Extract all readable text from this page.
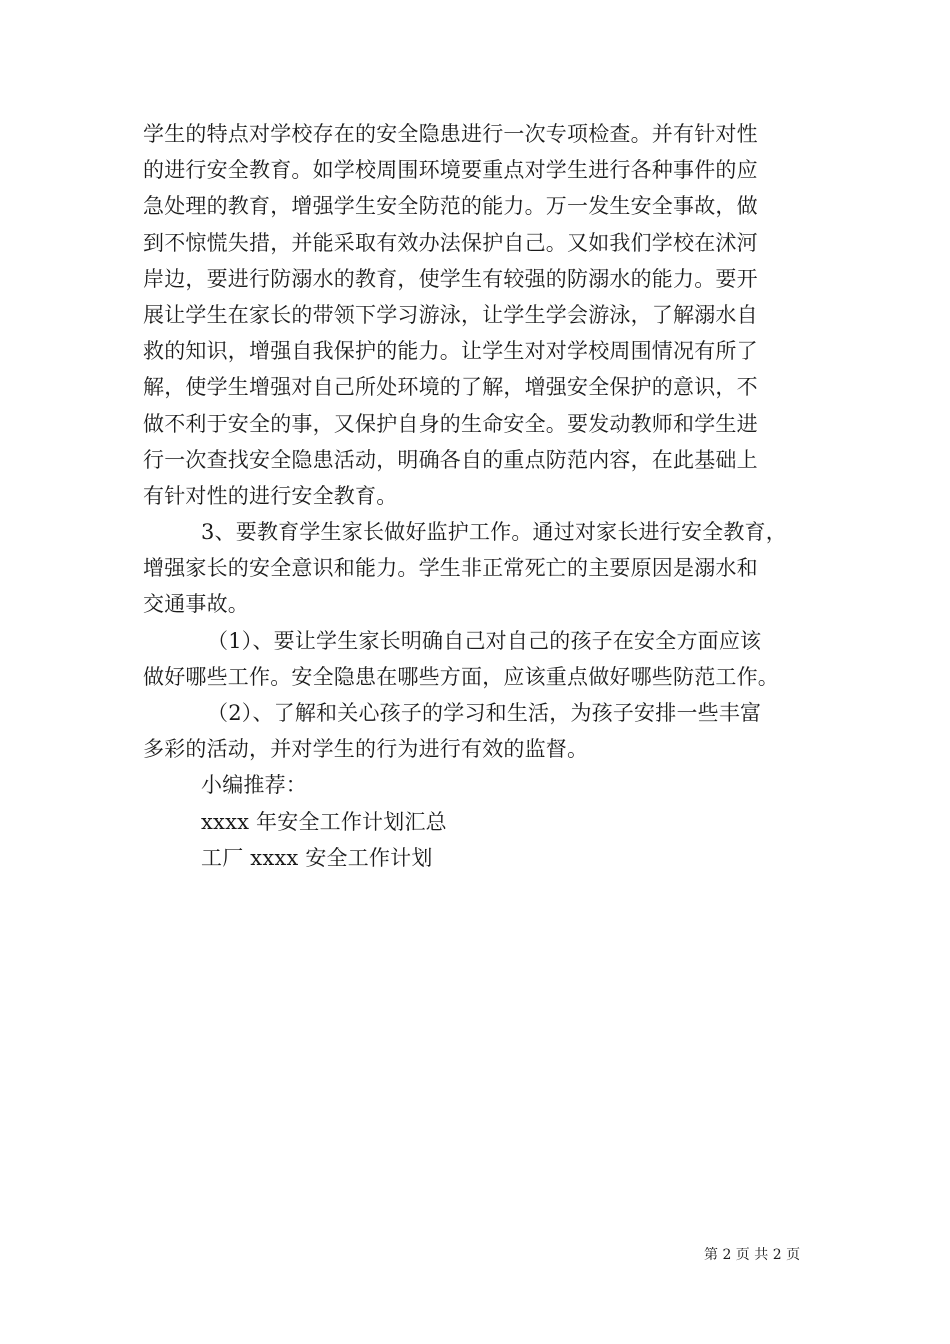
学生的特点对学校存在的安全隐患进行一次专项检查。并有针对性
的进行安全教育。如学校周围环境要重点对学生进行各种事件的应
急处理的教育，增强学生安全防范的能力。万一发生安全事故，做
到不惊慌失措，并能采取有效办法保护自己。又如我们学校在沭河
岸边，要进行防溺水的教育，使学生有较强的防溺水的能力。要开
展让学生在家长的带领下学习游泳，让学生学会游泳，了解溺水自
救的知识，增强自我保护的能力。让学生对对学校周围情况有所了
解，使学生增强对自己所处环境的了解，增强安全保护的意识，不
做不利于安全的事，又保护自身的生命安全。要发动教师和学生进
行一次查找安全隐患活动，明确各自的重点防范内容，在此基础上
有针对性的进行安全教育。
3、要教育学生家长做好监护工作。通过对家长进行安全教育，
增强家长的安全意识和能力。学生非正常死亡的主要原因是溺水和
交通事故。
（1）、要让学生家长明确自己对自己的孩子在安全方面应该
做好哪些工作。安全隐患在哪些方面，应该重点做好哪些防范工作。
（2）、了解和关心孩子的学习和生活，为孩子安排一些丰富
多彩的活动，并对学生的行为进行有效的监督。
小编推荐：
xxxx 年安全工作计划汇总
工厂 xxxx 安全工作计划
第 2 页 共 2 页
